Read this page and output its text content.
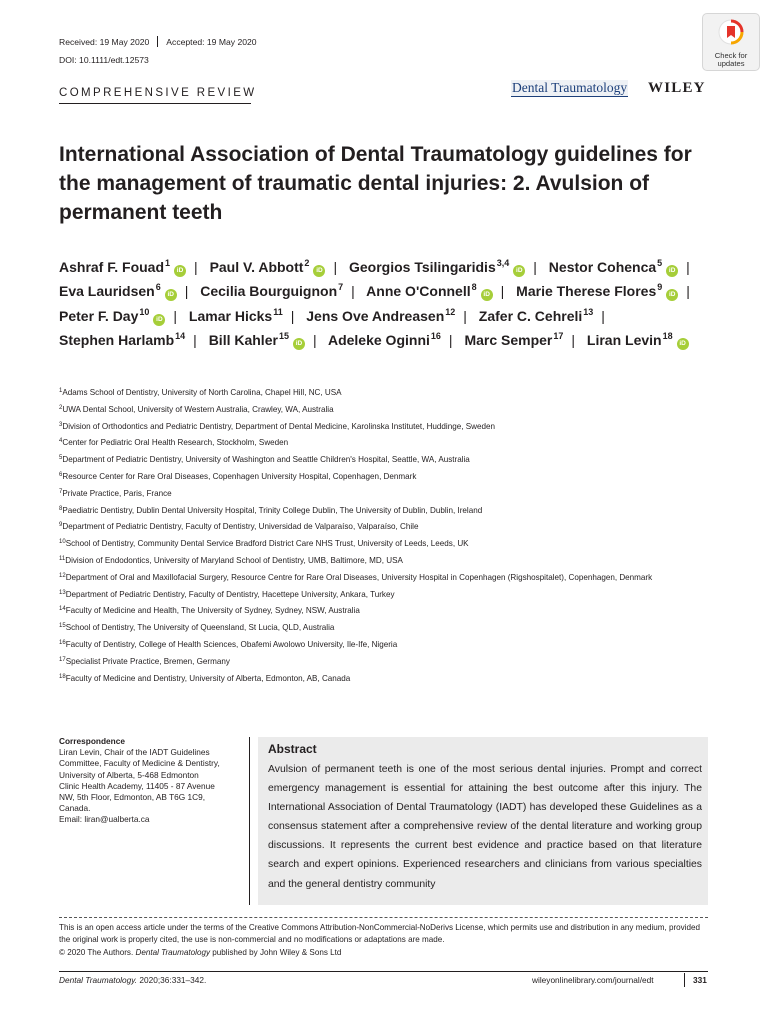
Received: 19 May 2020 Accepted: 19 May 2020
DOI: 10.1111/edt.12573
COMPREHENSIVE REVIEW	Dental Traumatology WILEY
Check for
updates
International Association of Dental Traumatology guidelines for the management of traumatic dental injuries: 2. Avulsion of permanent teeth
Ashraf F. Fouad$^1$iD | Paul V. Abbott$^2$iD | Georgios Tsilingaridis$^{3,4}$iD | Nestor Cohenca$^5$iD | Eva Lauridsen$^6$iD | Cecilia Bourguignon$^7$ | Anne O'Connell$^8$iD | Marie Therese Flores$^9$iD | Peter F. Day$^{10}$iD | Lamar Hicks$^{11}$ | Jens Ove Andreasen$^{12}$ | Zafer C. Cehreli$^{13}$ | Stephen Harlamb$^{14}$ | Bill Kahler$^{15}$iD | Adeleke Oginni$^{16}$ | Marc Semper$^{17}$ | Liran Levin$^{18}$iD
$^1$Adams School of Dentistry, University of North Carolina, Chapel Hill, NC, USA
$^2$UWA Dental School, University of Western Australia, Crawley, WA, Australia
$^3$Division of Orthodontics and Pediatric Dentistry, Department of Dental Medicine, Karolinska Institutet, Huddinge, Sweden
$^4$Center for Pediatric Oral Health Research, Stockholm, Sweden
$^5$Department of Pediatric Dentistry, University of Washington and Seattle Children's Hospital, Seattle, WA, Australia
$^6$Resource Center for Rare Oral Diseases, Copenhagen University Hospital, Copenhagen, Denmark
$^7$Private Practice, Paris, France
$^8$Paediatric Dentistry, Dublin Dental University Hospital, Trinity College Dublin, The University of Dublin, Dublin, Ireland
$^9$Department of Pediatric Dentistry, Faculty of Dentistry, Universidad de Valparaíso, Valparaíso, Chile
$^{10}$School of Dentistry, Community Dental Service Bradford District Care NHS Trust, University of Leeds, Leeds, UK
$^{11}$Division of Endodontics, University of Maryland School of Dentistry, UMB, Baltimore, MD, USA
$^{12}$Department of Oral and Maxillofacial Surgery, Resource Centre for Rare Oral Diseases, University Hospital in Copenhagen (Rigshospitalet), Copenhagen, Denmark
$^{13}$Department of Pediatric Dentistry, Faculty of Dentistry, Hacettepe University, Ankara, Turkey
$^{14}$Faculty of Medicine and Health, The University of Sydney, Sydney, NSW, Australia
$^{15}$School of Dentistry, The University of Queensland, St Lucia, QLD, Australia
$^{16}$Faculty of Dentistry, College of Health Sciences, Obafemi Awolowo University, Ile-Ife, Nigeria
$^{17}$Specialist Private Practice, Bremen, Germany
$^{18}$Faculty of Medicine and Dentistry, University of Alberta, Edmonton, AB, Canada
Correspondence
Liran Levin, Chair of the IADT Guidelines
Committee, Faculty of Medicine & Dentistry,
University of Alberta, 5-468 Edmonton
Clinic Health Academy, 11405 - 87 Avenue
NW, 5th Floor, Edmonton, AB T6G 1C9,
Canada.
Email: liran@ualberta.ca
Abstract
Avulsion of permanent teeth is one of the most serious dental injuries. Prompt and correct emergency management is essential for attaining the best outcome after this injury. The International Association of Dental Traumatology (IADT) has developed these Guidelines as a consensus statement after a comprehensive review of the dental literature and working group discussions. It represents the current best evidence and practice based on that literature search and expert opinions. Experienced researchers and clinicians from various specialties and the general dentistry community
This is an open access article under the terms of the Creative Commons Attribution-NonCommercial-NoDerivs License, which permits use and distribution in any medium, provided the original work is properly cited, the use is non-commercial and no modifications or adaptations are made.
© 2020 The Authors. Dental Traumatology published by John Wiley & Sons Ltd
Dental Traumatology. 2020;36:331–342.	wileyonlinelibrary.com/journal/edt	331
